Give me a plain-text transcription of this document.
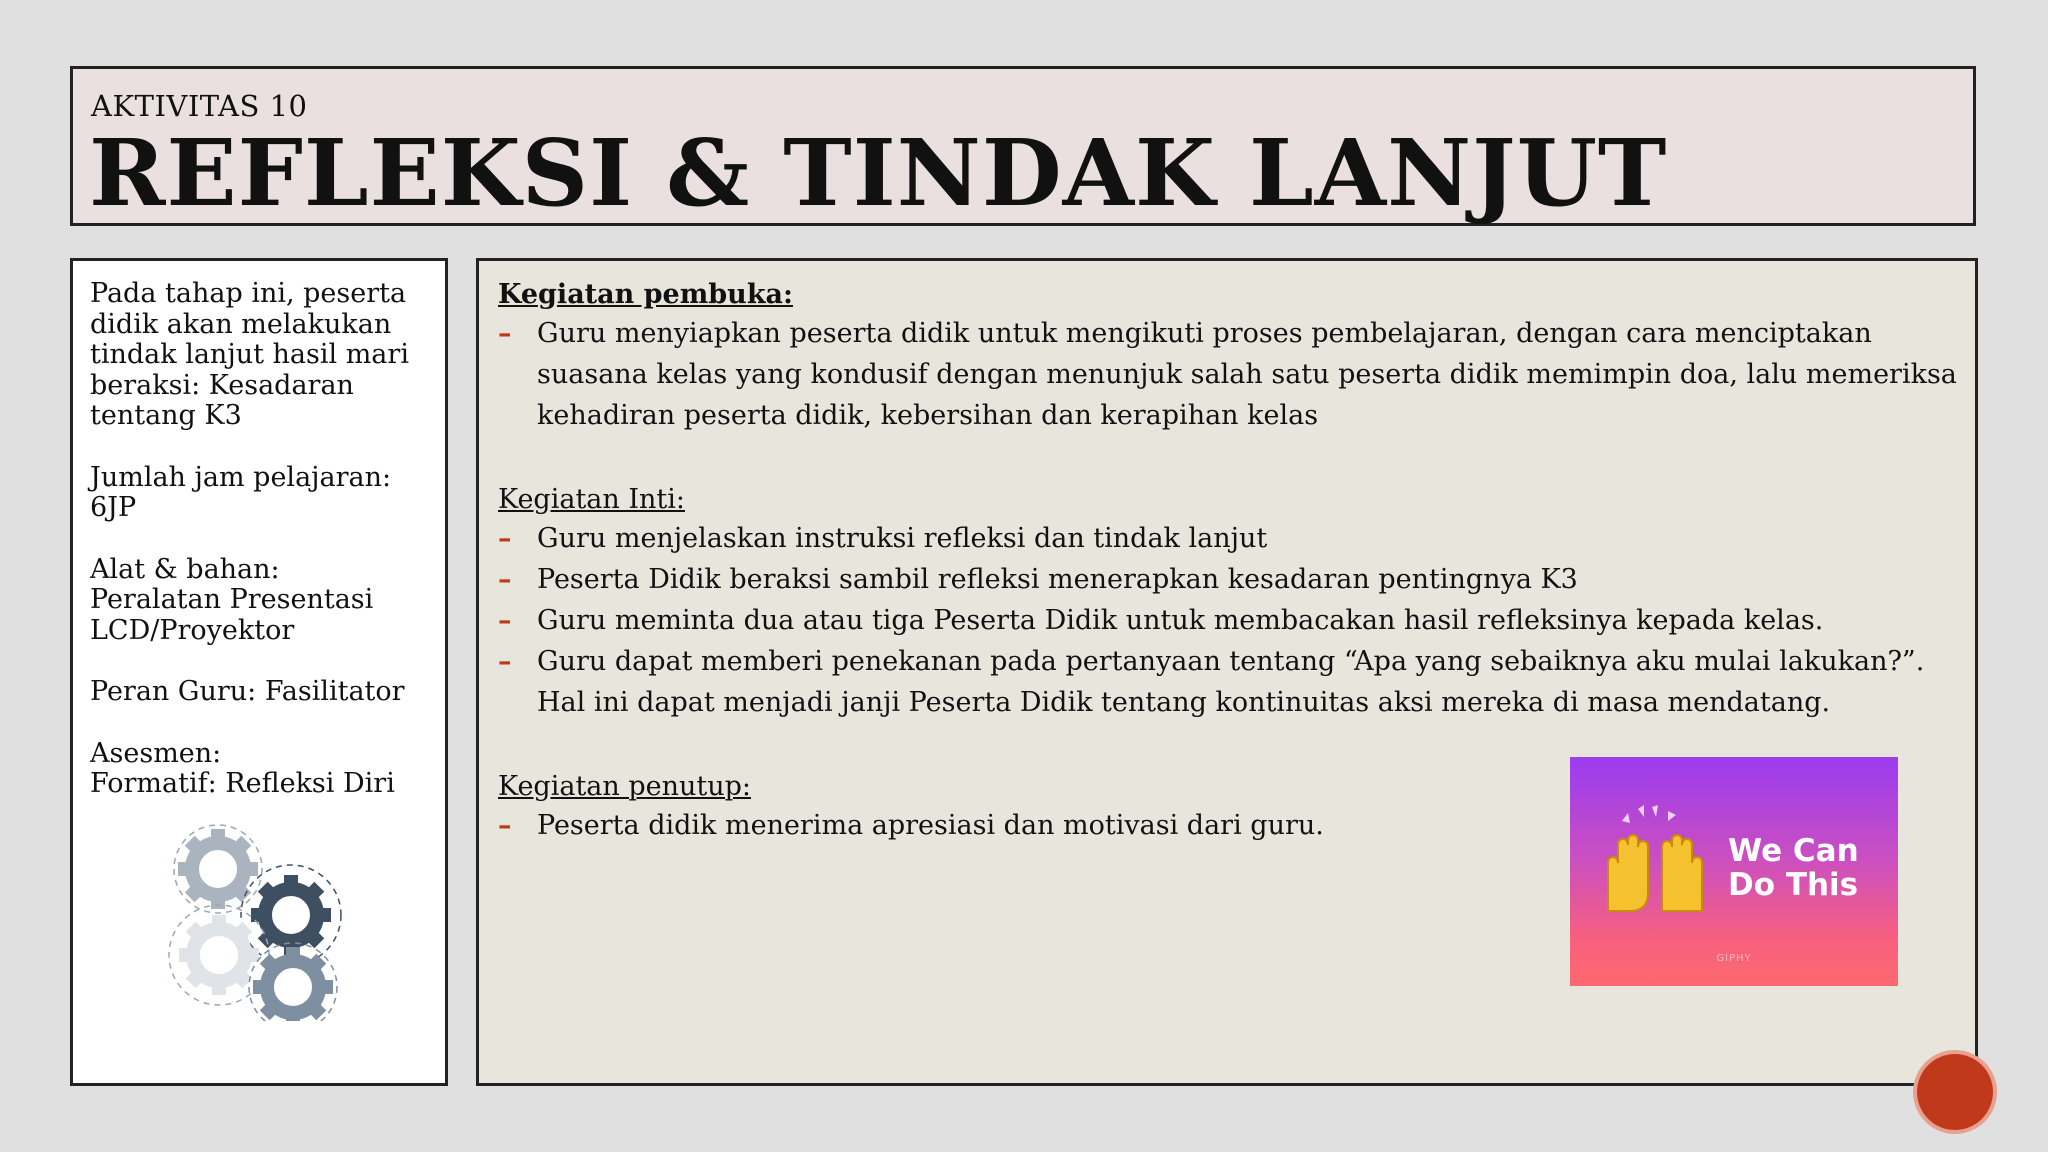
AKTIVITAS 10
REFLEKSI & TINDAK LANJUT

Pada tahap ini, peserta didik akan melakukan tindak lanjut hasil mari beraksi: Kesadaran tentang K3

Jumlah jam pelajaran: 6JP

Alat & bahan:
Peralatan Presentasi LCD/Proyektor

Peran Guru: Fasilitator

Asesmen:
Formatif: Refleksi Diri

Kegiatan pembuka:
– Guru menyiapkan peserta didik untuk mengikuti proses pembelajaran, dengan cara menciptakan suasana kelas yang kondusif dengan menunjuk salah satu peserta didik memimpin doa, lalu memeriksa kehadiran peserta didik, kebersihan dan kerapihan kelas
Kegiatan Inti:
– Guru menjelaskan instruksi refleksi dan tindak lanjut
– Peserta Didik beraksi sambil refleksi menerapkan kesadaran pentingnya K3
– Guru meminta dua atau tiga Peserta Didik untuk membacakan hasil refleksinya kepada kelas.
– Guru dapat memberi penekanan pada pertanyaan tentang “Apa yang sebaiknya aku mulai lakukan?”. Hal ini dapat menjadi janji Peserta Didik tentang kontinuitas aksi mereka di masa mendatang.
Kegiatan penutup:
– Peserta didik menerima apresiasi dan motivasi dari guru.
We Can
Do This
GIPHY
